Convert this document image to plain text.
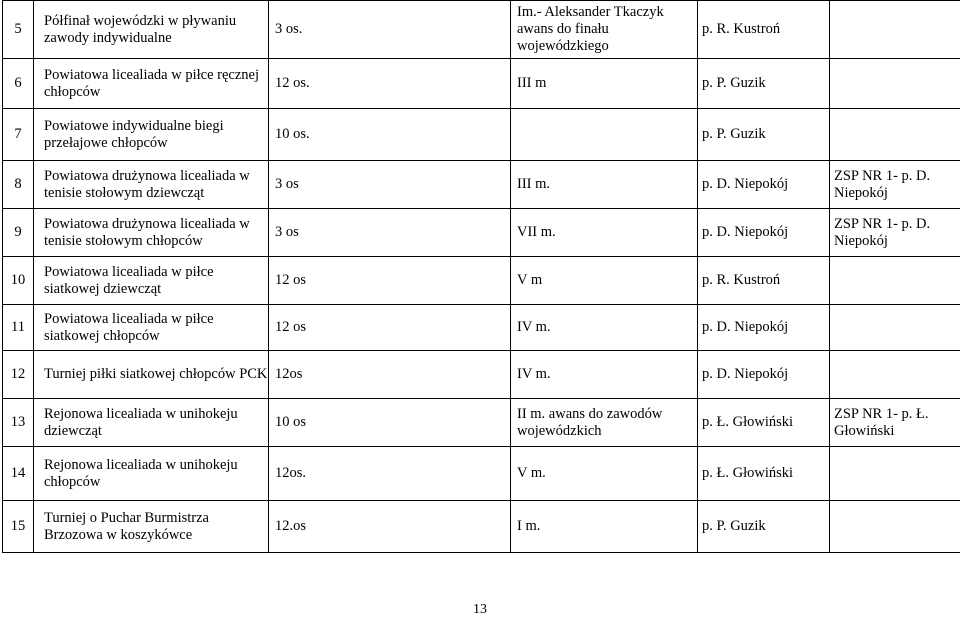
5	Półfinał wojewódzki w pływaniu zawody indywidualne	3 os.	Im.- Aleksander Tkaczyk awans do finału wojewódzkiego	p. R. Kustroń	
6	Powiatowa licealiada w piłce ręcznej chłopców	12 os.	III m	p. P. Guzik	
7	Powiatowe indywidualne biegi przełajowe chłopców	10 os.		p. P. Guzik	
8	Powiatowa drużynowa licealiada w tenisie stołowym dziewcząt	3 os	III m.	p. D. Niepokój	ZSP NR 1- p. D. Niepokój
9	Powiatowa drużynowa licealiada w tenisie stołowym chłopców	3 os	VII m.	p. D. Niepokój	ZSP NR 1- p. D. Niepokój
10	Powiatowa licealiada w piłce siatkowej dziewcząt	12 os	V m	p. R. Kustroń	
11	Powiatowa licealiada w piłce siatkowej chłopców	12 os	IV m.	p. D. Niepokój	
12	Turniej piłki siatkowej chłopców PCK	12os	IV m.	p. D. Niepokój	
13	Rejonowa licealiada w unihokeju dziewcząt	10 os	II m. awans do zawodów wojewódzkich	p. Ł. Głowiński	ZSP NR 1- p. Ł. Głowiński
14	Rejonowa licealiada w unihokeju chłopców	12os.	V m.	p. Ł. Głowiński	
15	Turniej o Puchar Burmistrza Brzozowa w koszykówce	12.os	I m.	p. P. Guzik	
13
